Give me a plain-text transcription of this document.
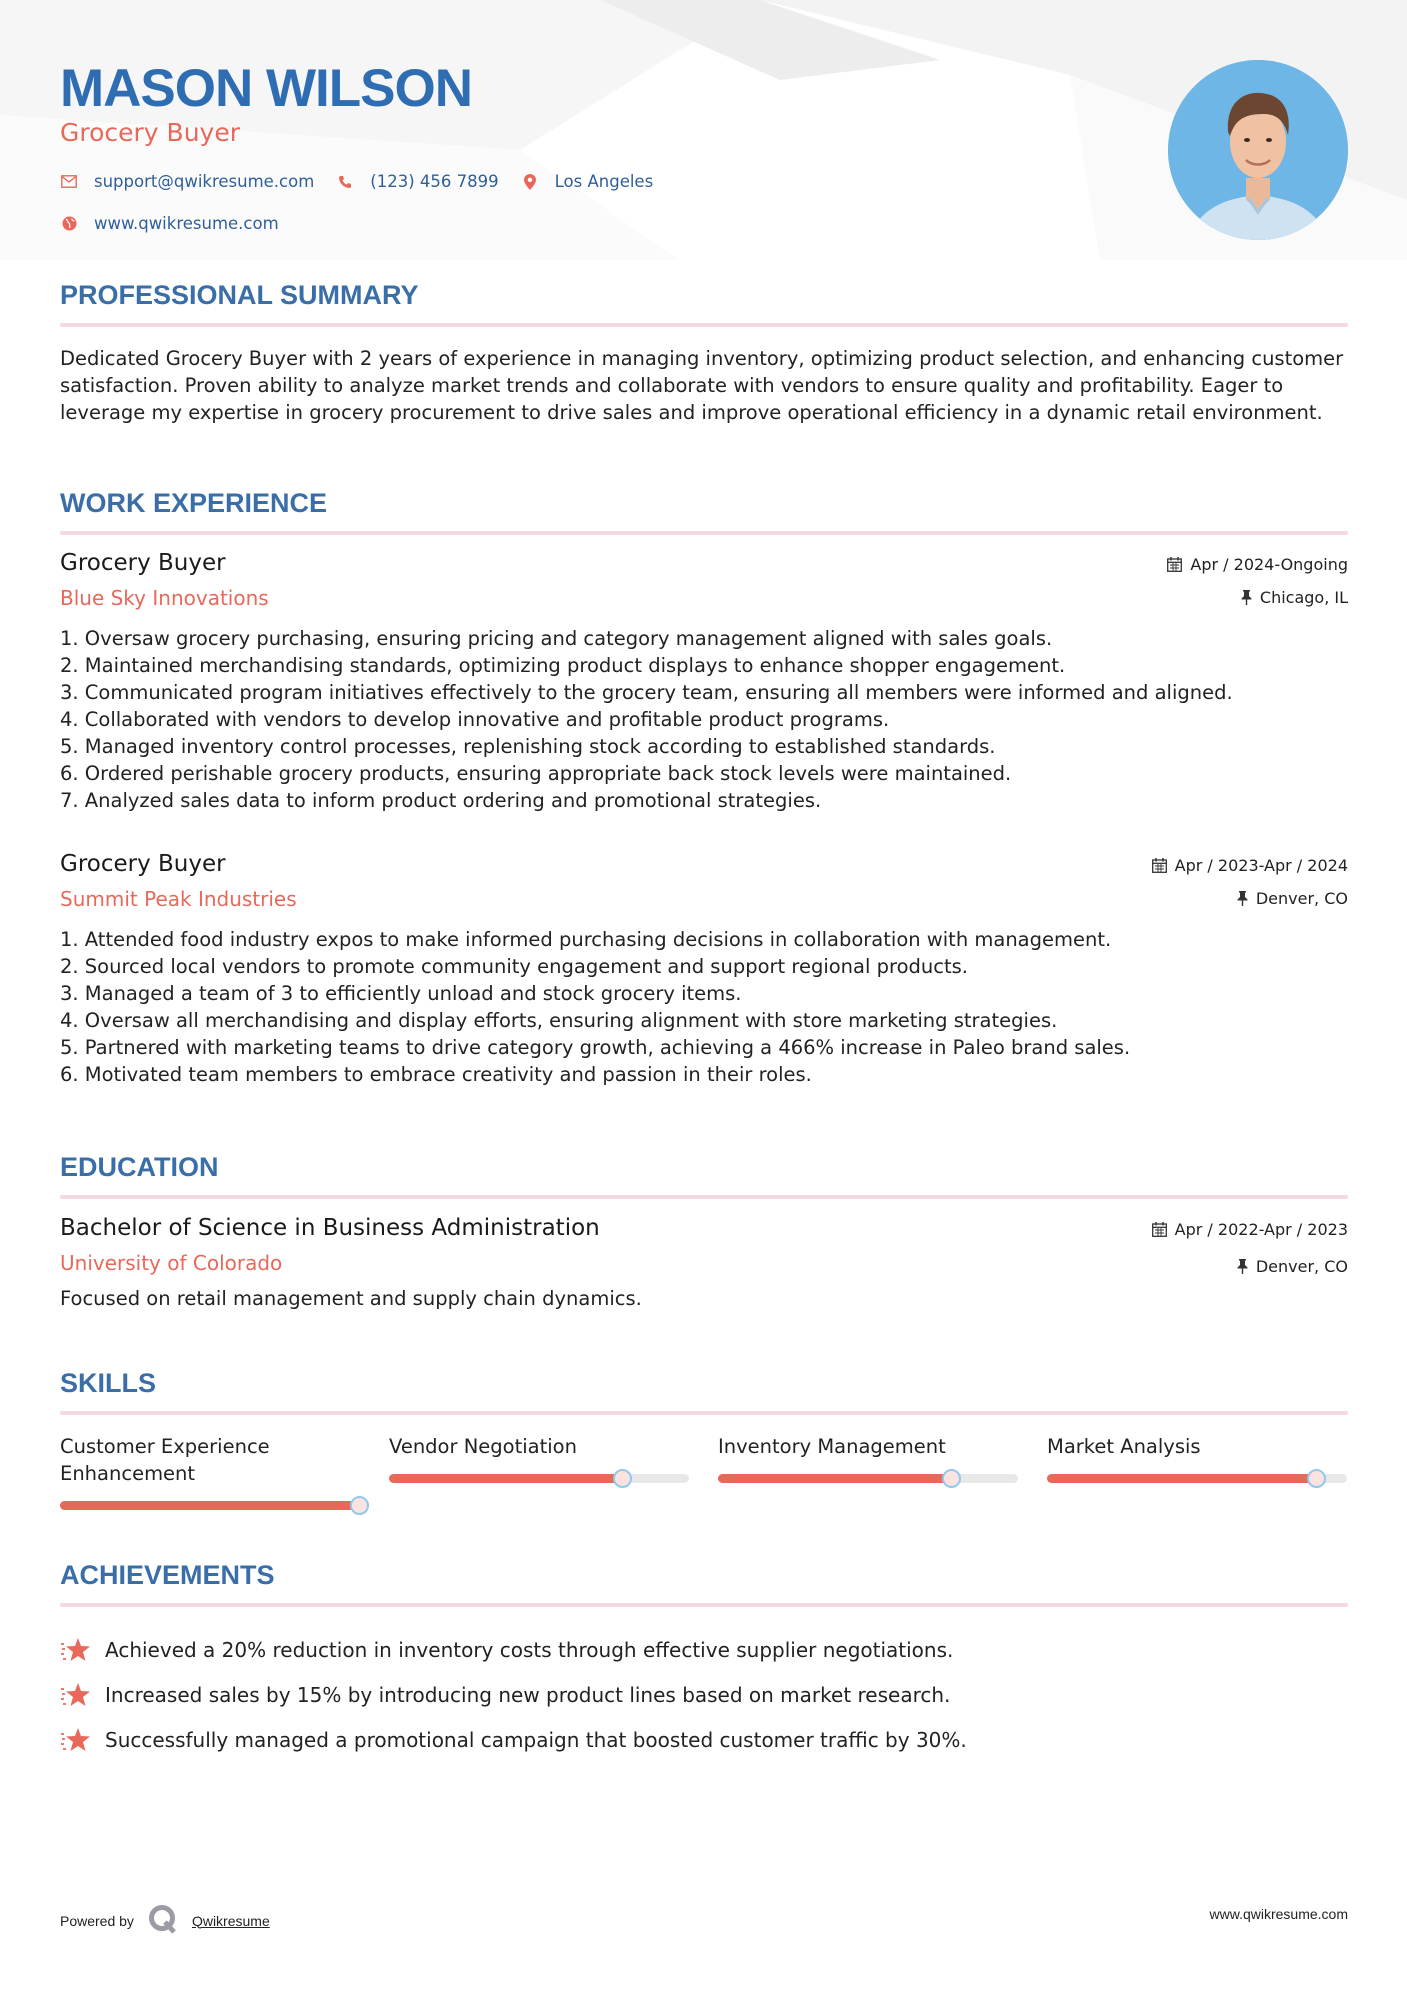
MASON WILSON
Grocery Buyer
support@qwikresume.com	(123) 456 7899	Los Angeles
www.qwikresume.com
PROFESSIONAL SUMMARY
Dedicated Grocery Buyer with 2 years of experience in managing inventory, optimizing product selection, and enhancing customer satisfaction. Proven ability to analyze market trends and collaborate with vendors to ensure quality and profitability. Eager to leverage my expertise in grocery procurement to drive sales and improve operational efficiency in a dynamic retail environment.
WORK EXPERIENCE
Grocery Buyer
Blue Sky Innovations
Apr / 2024-Ongoing
Chicago, IL
1. Oversaw grocery purchasing, ensuring pricing and category management aligned with sales goals.
2. Maintained merchandising standards, optimizing product displays to enhance shopper engagement.
3. Communicated program initiatives effectively to the grocery team, ensuring all members were informed and aligned.
4. Collaborated with vendors to develop innovative and profitable product programs.
5. Managed inventory control processes, replenishing stock according to established standards.
6. Ordered perishable grocery products, ensuring appropriate back stock levels were maintained.
7. Analyzed sales data to inform product ordering and promotional strategies.
Grocery Buyer
Summit Peak Industries
Apr / 2023-Apr / 2024
Denver, CO
1. Attended food industry expos to make informed purchasing decisions in collaboration with management.
2. Sourced local vendors to promote community engagement and support regional products.
3. Managed a team of 3 to efficiently unload and stock grocery items.
4. Oversaw all merchandising and display efforts, ensuring alignment with store marketing strategies.
5. Partnered with marketing teams to drive category growth, achieving a 466% increase in Paleo brand sales.
6. Motivated team members to embrace creativity and passion in their roles.
EDUCATION
Bachelor of Science in Business Administration
University of Colorado
Apr / 2022-Apr / 2023
Denver, CO
Focused on retail management and supply chain dynamics.
SKILLS
Customer Experience Enhancement
Vendor Negotiation	Inventory Management	Market Analysis
ACHIEVEMENTS
Achieved a 20% reduction in inventory costs through effective supplier negotiations.
Increased sales by 15% by introducing new product lines based on market research.
Successfully managed a promotional campaign that boosted customer traffic by 30%.
Powered by	Qwikresume	www.qwikresume.com
